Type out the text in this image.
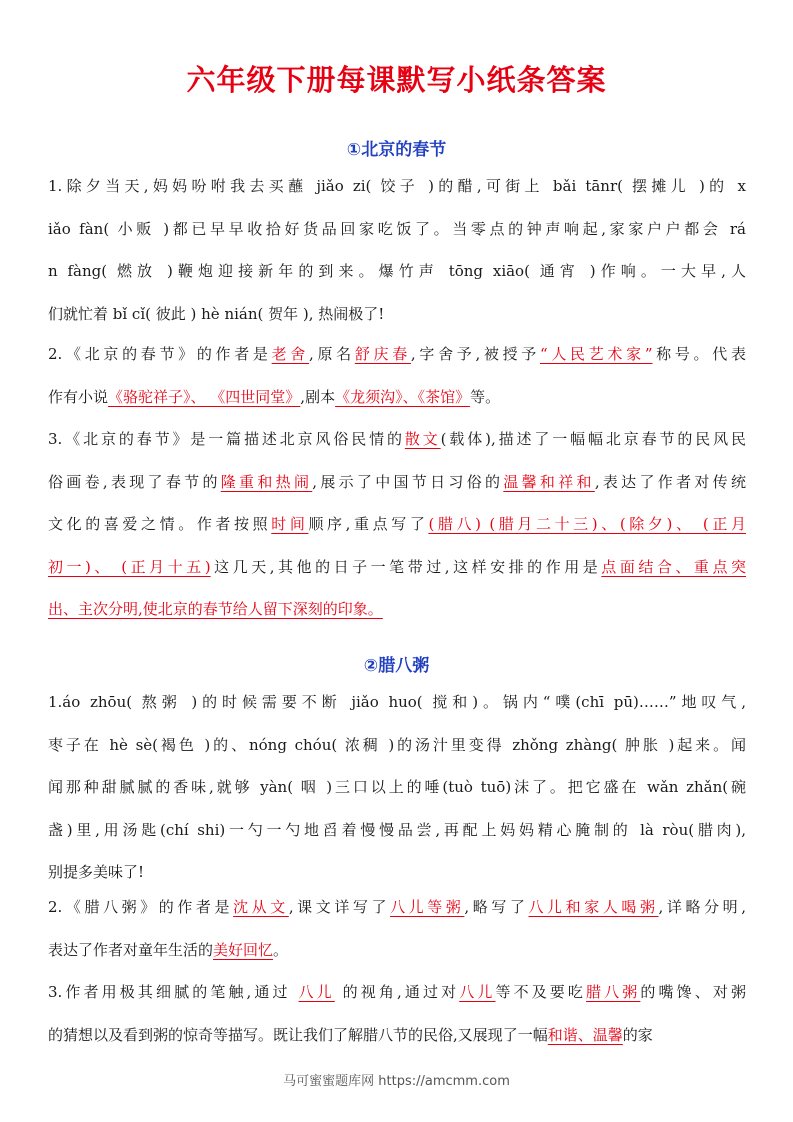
六年级下册每课默写小纸条答案
①北京的春节
1.除夕当天,妈妈吩咐我去买蘸 jiǎo zi( 饺子 )的醋,可街上 bǎi tānr( 摆摊儿 )的 x
iǎo fàn( 小贩 )都已早早收拾好货品回家吃饭了。当零点的钟声响起,家家户户都会 rá
n fàng( 燃放 )鞭炮迎接新年的到来。爆竹声 tōng xiāo( 通宵 )作响。一大早,人
们就忙着 bǐ cǐ( 彼此 ) hè nián( 贺年 ), 热闹极了!
2.《北京的春节》的作者是老舍,原名舒庆春,字舍予,被授予“人民艺术家”称号。代表
作有小说《骆驼祥子》、 《四世同堂》,剧本《龙须沟》、《茶馆》等。
3.《北京的春节》是一篇描述北京风俗民情的散文(载体),描述了一幅幅北京春节的民风民
俗画卷,表现了春节的隆重和热闹,展示了中国节日习俗的温馨和祥和,表达了作者对传统
文化的喜爱之情。作者按照时间顺序,重点写了(腊八) (腊月二十三)、(除夕)、 (正月
初一)、 (正月十五)这几天,其他的日子一笔带过,这样安排的作用是点面结合、重点突
出、主次分明,使北京的春节给人留下深刻的印象。
②腊八粥
1.áo zhōu( 熬粥 )的时候需要不断 jiǎo huo( 搅和)。锅内“噗(chī pū)……”地叹气,
枣子在 hè sè(褐色 )的、nóng chóu( 浓稠 )的汤汁里变得 zhǒng zhàng( 肿胀 )起来。闻
闻那种甜腻腻的香味,就够 yàn( 咽 )三口以上的唾(tuò tuō)沫了。把它盛在 wǎn zhǎn(碗
盏)里,用汤匙(chí shi)一勺一勺地舀着慢慢品尝,再配上妈妈精心腌制的 là ròu(腊肉),
别提多美味了!
2.《腊八粥》的作者是沈从文,课文详写了八儿等粥,略写了八儿和家人喝粥,详略分明,
表达了作者对童年生活的美好回忆。
3.作者用极其细腻的笔触,通过 八儿 的视角,通过对八儿等不及要吃腊八粥的嘴馋、对粥
的猜想以及看到粥的惊奇等描写。既让我们了解腊八节的民俗,又展现了一幅和谐、温馨的家
马可蜜蜜题库网 https://amcmm.com
